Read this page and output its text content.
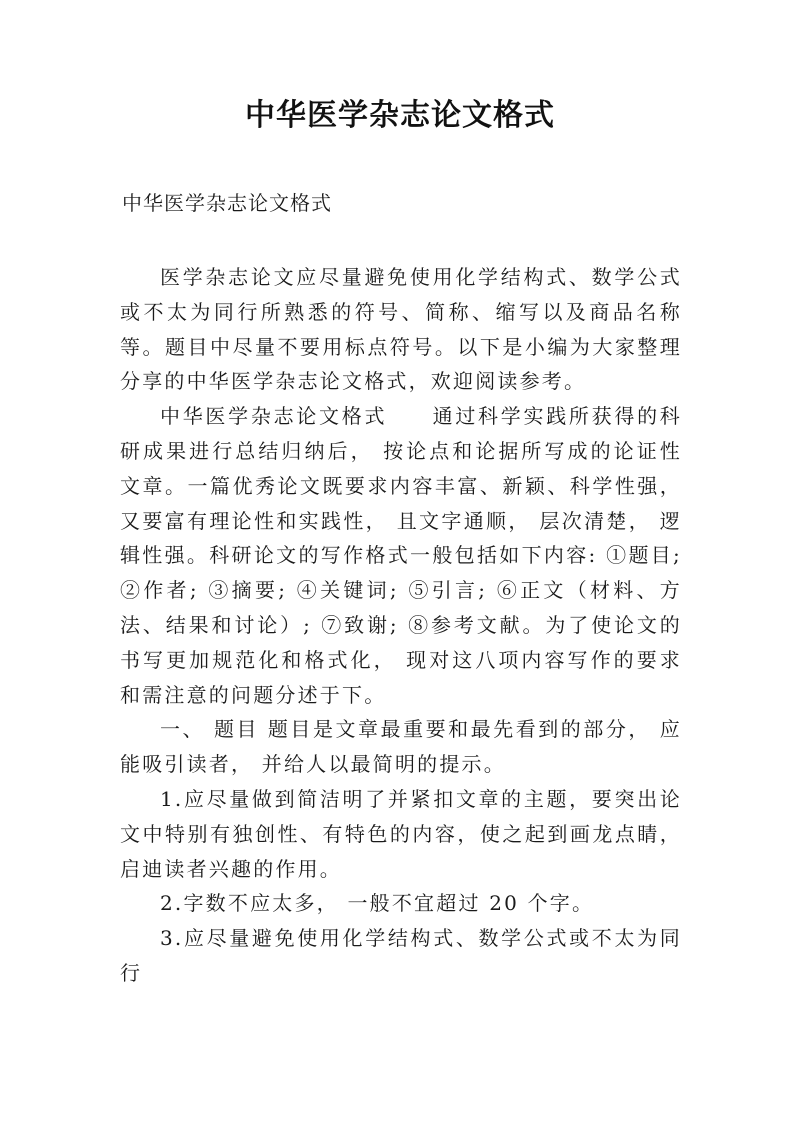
中华医学杂志论文格式
中华医学杂志论文格式

医学杂志论文应尽量避免使用化学结构式、数学公式或不太为同行所熟悉的符号、简称、缩写以及商品名称等。题目中尽量不要用标点符号。以下是小编为大家整理分享的中华医学杂志论文格式，欢迎阅读参考。

中华医学杂志论文格式　　通过科学实践所获得的科研成果进行总结归纳后， 按论点和论据所写成的论证性文章。一篇优秀论文既要求内容丰富、新颖、科学性强， 又要富有理论性和实践性， 且文字通顺， 层次清楚， 逻辑性强。科研论文的写作格式一般包括如下内容: ①题目; ②作者; ③摘要; ④关键词; ⑤引言; ⑥正文（材料、方法、结果和讨论）; ⑦致谢; ⑧参考文献。为了使论文的书写更加规范化和格式化， 现对这八项内容写作的要求和需注意的问题分述于下。

一、 题目 题目是文章最重要和最先看到的部分， 应能吸引读者， 并给人以最简明的提示。

1.应尽量做到简洁明了并紧扣文章的主题，要突出论文中特别有独创性、有特色的内容，使之起到画龙点睛， 启迪读者兴趣的作用。

2.字数不应太多， 一般不宜超过 20 个字。

3.应尽量避免使用化学结构式、数学公式或不太为同行
